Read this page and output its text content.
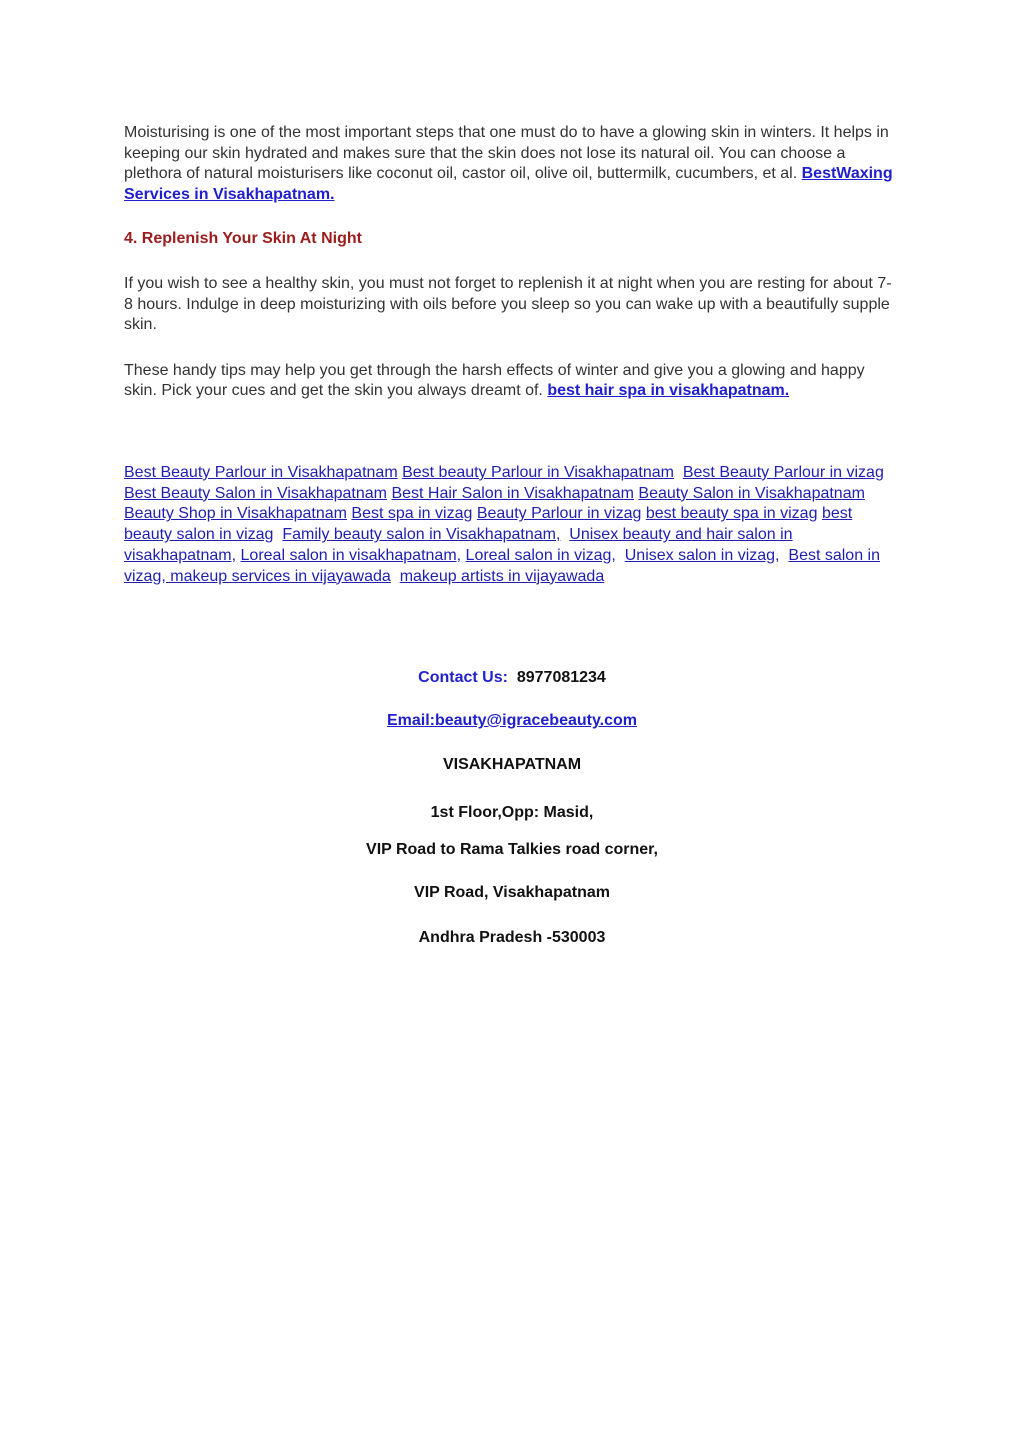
Moisturising is one of the most important steps that one must do to have a glowing skin in winters. It helps in keeping our skin hydrated and makes sure that the skin does not lose its natural oil. You can choose a plethora of natural moisturisers like coconut oil, castor oil, olive oil, buttermilk, cucumbers, et al. BestWaxing Services in Visakhapatnam.

4. Replenish Your Skin At Night

If you wish to see a healthy skin, you must not forget to replenish it at night when you are resting for about 7-8 hours. Indulge in deep moisturizing with oils before you sleep so you can wake up with a beautifully supple skin.

These handy tips may help you get through the harsh effects of winter and give you a glowing and happy skin. Pick your cues and get the skin you always dreamt of. best hair spa in visakhapatnam.

Best Beauty Parlour in Visakhapatnam Best beauty Parlour in Visakhapatnam Best Beauty Parlour in vizag Best Beauty Salon in Visakhapatnam Best Hair Salon in Visakhapatnam Beauty Salon in Visakhapatnam Beauty Shop in Visakhapatnam Best spa in vizag Beauty Parlour in vizag best beauty spa in vizag best beauty salon in vizag Family beauty salon in Visakhapatnam, Unisex beauty and hair salon in visakhapatnam, Loreal salon in visakhapatnam, Loreal salon in vizag, Unisex salon in vizag, Best salon in vizag, makeup services in vijayawada makeup artists in vijayawada
Contact Us: 8977081234
Email:beauty@igracebeauty.com
VISAKHAPATNAM
1st Floor,Opp: Masid,
VIP Road to Rama Talkies road corner,
VIP Road, Visakhapatnam
Andhra Pradesh -530003
